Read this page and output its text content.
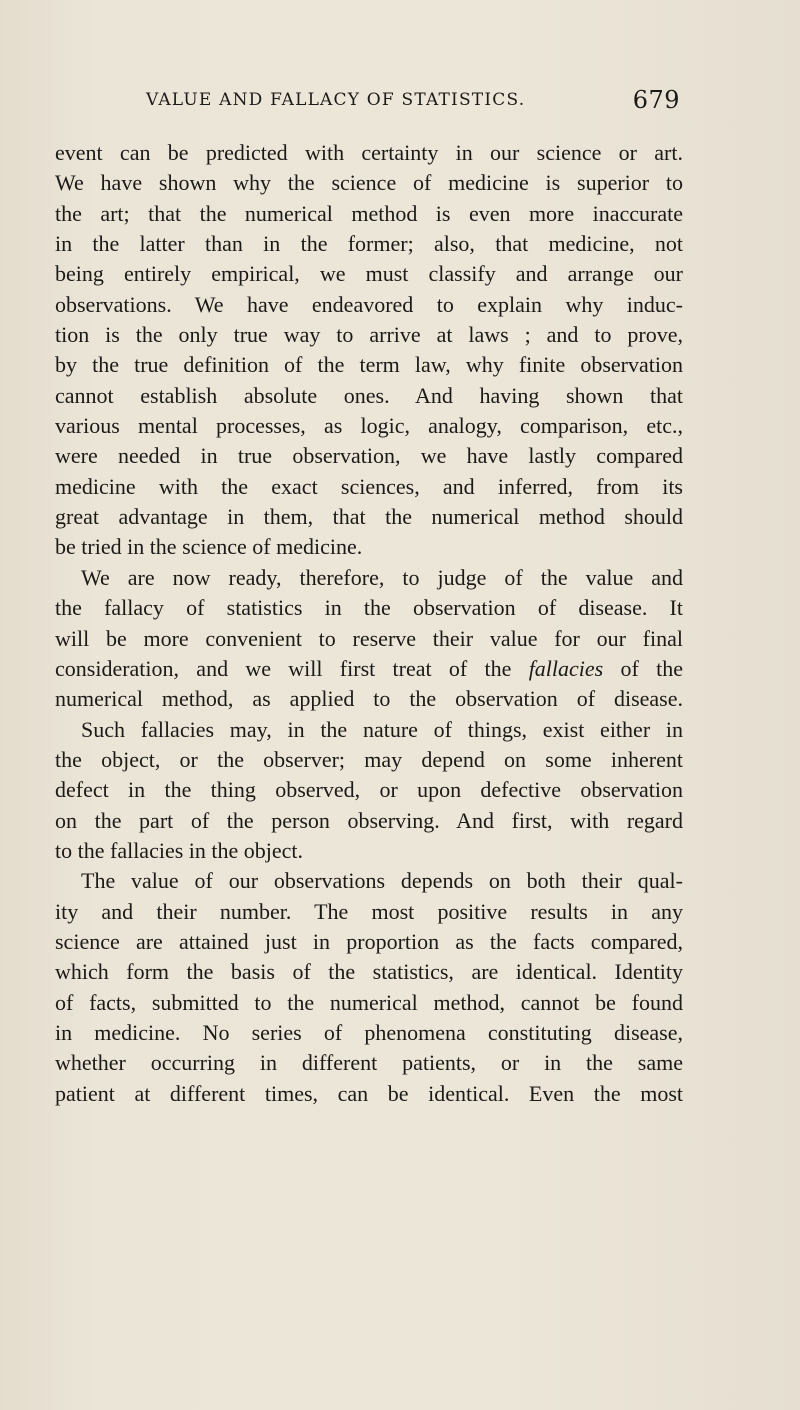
VALUE AND FALLACY OF STATISTICS.	679
event can be predicted with certainty in our science or art.
We have shown why the science of medicine is superior to
the art; that the numerical method is even more inaccurate
in the latter than in the former; also, that medicine, not
being entirely empirical, we must classify and arrange our
observations. We have endeavored to explain why induc-
tion is the only true way to arrive at laws ; and to prove,
by the true definition of the term law, why finite observation
cannot establish absolute ones. And having shown that
various mental processes, as logic, analogy, comparison, etc.,
were needed in true observation, we have lastly compared
medicine with the exact sciences, and inferred, from its
great advantage in them, that the numerical method should
be tried in the science of medicine.
We are now ready, therefore, to judge of the value and
the fallacy of statistics in the observation of disease. It
will be more convenient to reserve their value for our final
consideration, and we will first treat of the fallacies of the
numerical method, as applied to the observation of disease.
Such fallacies may, in the nature of things, exist either in
the object, or the observer; may depend on some inherent
defect in the thing observed, or upon defective observation
on the part of the person observing. And first, with regard
to the fallacies in the object.
The value of our observations depends on both their qual-
ity and their number. The most positive results in any
science are attained just in proportion as the facts compared,
which form the basis of the statistics, are identical. Identity
of facts, submitted to the numerical method, cannot be found
in medicine. No series of phenomena constituting disease,
whether occurring in different patients, or in the same
patient at different times, can be identical. Even the most
